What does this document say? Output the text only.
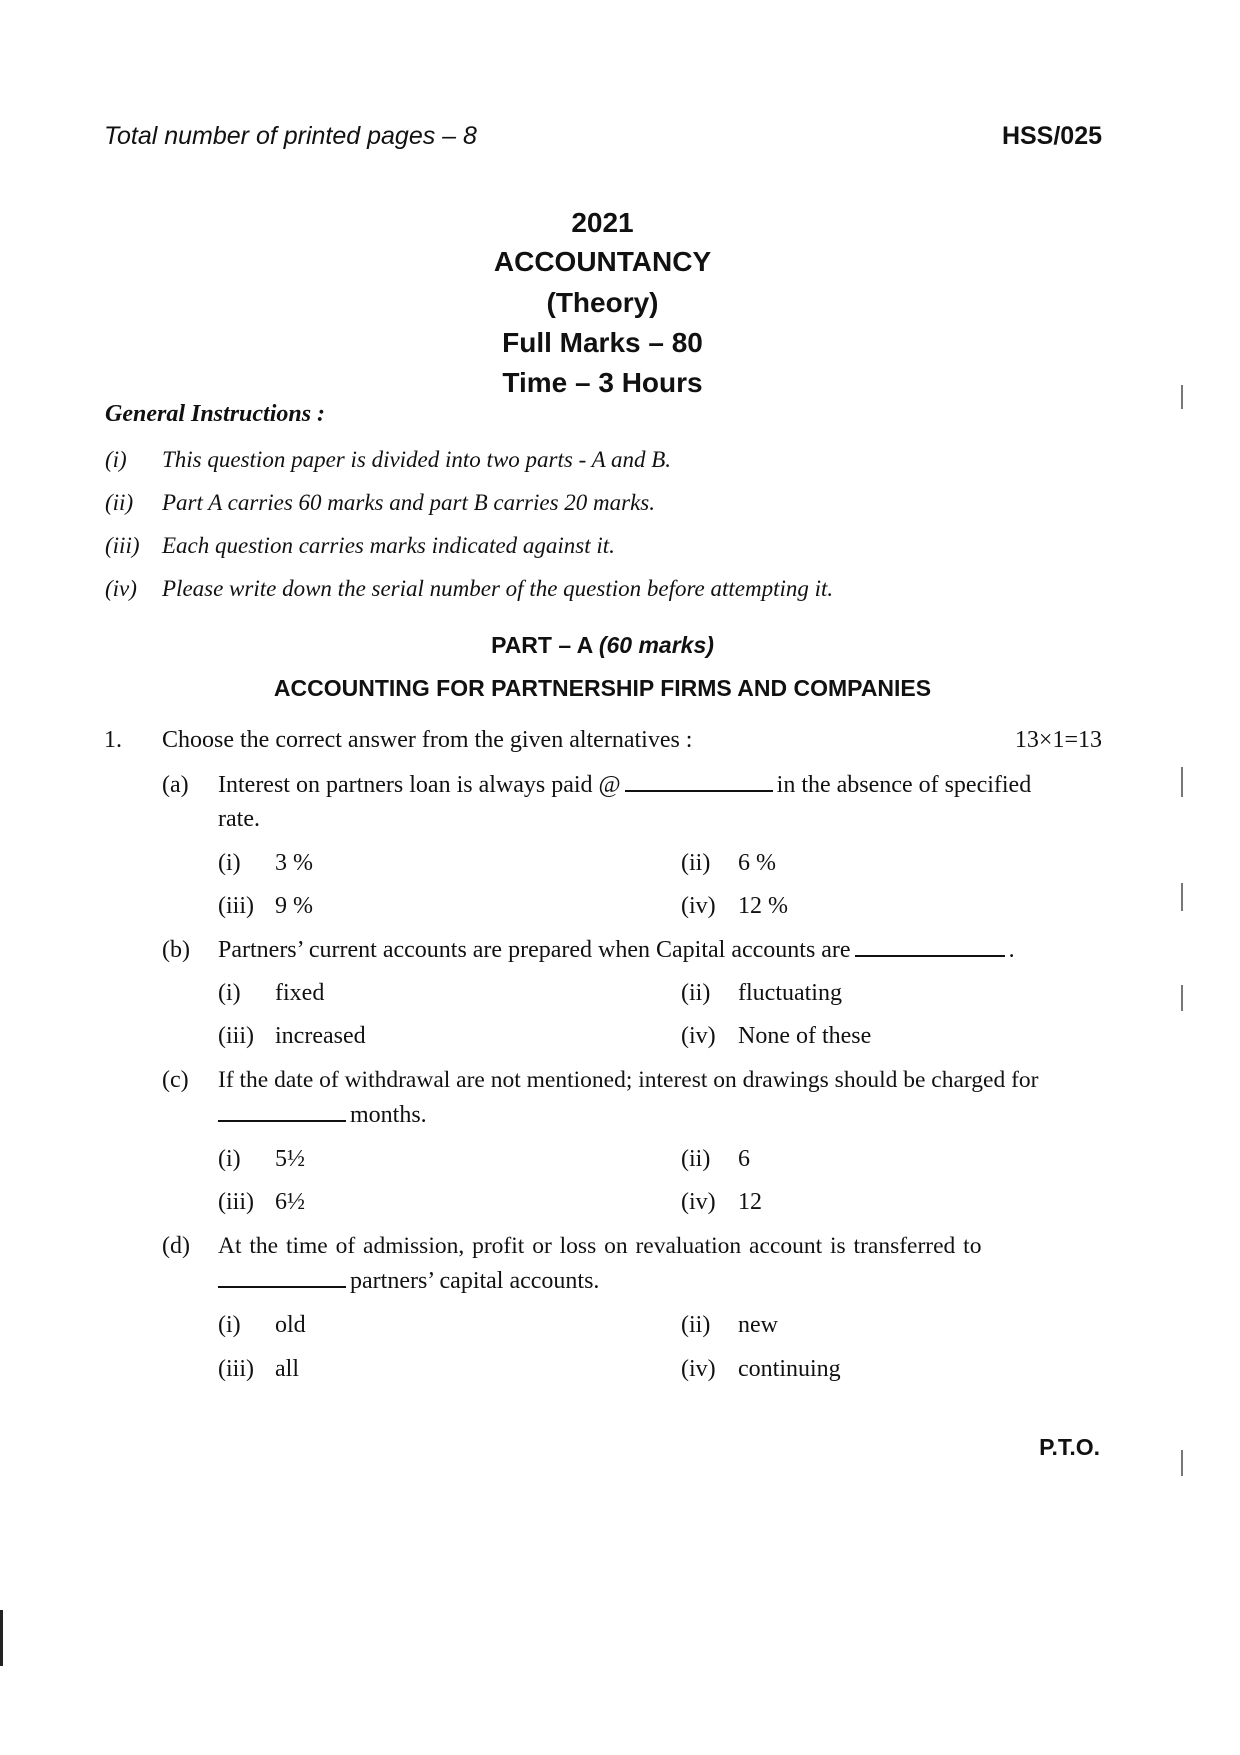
Total number of printed pages – 8	HSS/025
2021
ACCOUNTANCY
(Theory)
Full Marks – 80
Time – 3 Hours
General Instructions :
(i) This question paper is divided into two parts - A and B.
(ii) Part A carries 60 marks and part B carries 20 marks.
(iii) Each question carries marks indicated against it.
(iv) Please write down the serial number of the question before attempting it.
PART – A (60 marks)
ACCOUNTING FOR PARTNERSHIP FIRMS AND COMPANIES
1. Choose the correct answer from the given alternatives :	13×1=13
(a) Interest on partners loan is always paid @	in the absence of specified
rate.
(i) 3 %	(ii) 6 %
(iii) 9 %	(iv) 12 %
(b) Partners’ current accounts are prepared when Capital accounts are	.
(i) fixed	(ii) fluctuating
(iii) increased	(iv) None of these
(c) If the date of withdrawal are not mentioned; interest on drawings should be charged for
months.
(i) 5½	(ii) 6
(iii) 6½	(iv) 12
(d) At the time of admission, profit or loss on revaluation account is transferred to
partners’ capital accounts.
(i) old	(ii) new
(iii) all	(iv) continuing
P.T.O.
